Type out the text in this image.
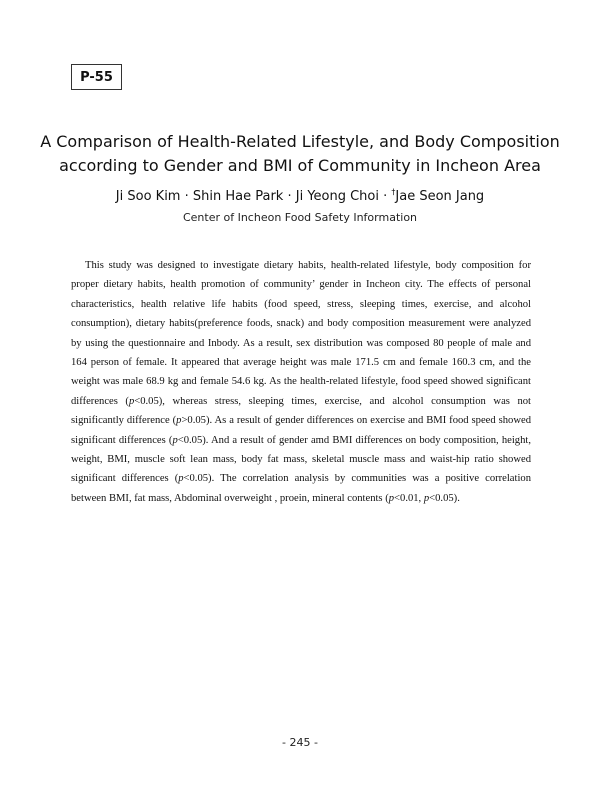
P-55
A Comparison of Health-Related Lifestyle, and Body Composition
according to Gender and BMI of Community in Incheon Area

Ji Soo Kim · Shin Hae Park · Ji Yeong Choi · †Jae Seon Jang

Center of Incheon Food Safety Information

This study was designed to investigate dietary habits, health-related lifestyle, body composition for proper dietary habits, health promotion of community’ gender in Incheon city. The effects of personal characteristics, health relative life habits (food speed, stress, sleeping times, exercise, and alcohol consumption), dietary habits(preference foods, snack) and body composition measurement were analyzed by using the questionnaire and Inbody. As a result, sex distribution was composed 80 people of male and 164 person of female. It appeared that average height was male 171.5 cm and female 160.3 cm, and the weight was male 68.9 kg and female 54.6 kg. As the health-related lifestyle, food speed showed significant differences (p<0.05), whereas stress, sleeping times, exercise, and alcohol consumption was not significantly difference (p>0.05). As a result of gender differences on exercise and BMI food speed showed significant differences (p<0.05). And a result of gender amd BMI differences on body composition, height, weight, BMI, muscle soft lean mass, body fat mass, skeletal muscle mass and waist-hip ratio showed significant differences (p<0.05). The correlation analysis by communities was a positive correlation between BMI, fat mass, Abdominal overweight , proein, mineral contents (p<0.01, p<0.05).

- 245 -
